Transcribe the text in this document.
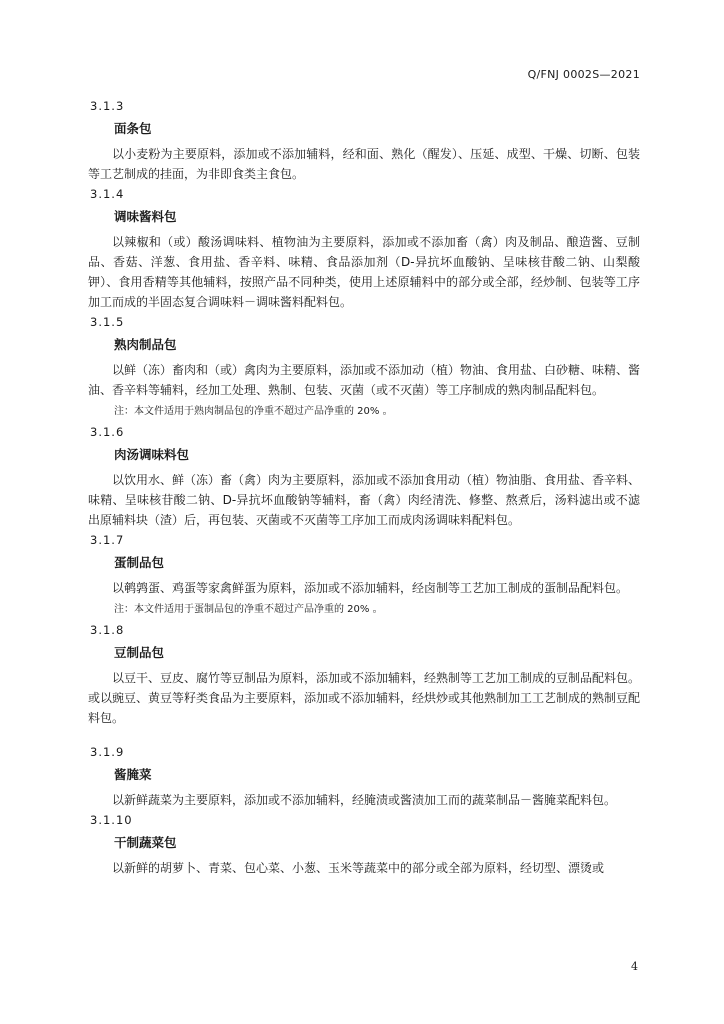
Q/FNJ 0002S—2021
3.1.3
面条包

以小麦粉为主要原料，添加或不添加辅料，经和面、熟化（醒发）、压延、成型、干燥、切断、包装等工艺制成的挂面，为非即食类主食包。

3.1.4
调味酱料包

以辣椒和（或）酸汤调味料、植物油为主要原料，添加或不添加畜（禽）肉及制品、酿造酱、豆制品、香菇、洋葱、食用盐、香辛料、味精、食品添加剂（D-异抗坏血酸钠、呈味核苷酸二钠、山梨酸钾）、食用香精等其他辅料，按照产品不同种类，使用上述原辅料中的部分或全部，经炒制、包装等工序加工而成的半固态复合调味料－调味酱料配料包。

3.1.5
熟肉制品包

以鲜（冻）畜肉和（或）禽肉为主要原料，添加或不添加动（植）物油、食用盐、白砂糖、味精、酱油、香辛料等辅料，经加工处理、熟制、包装、灭菌（或不灭菌）等工序制成的熟肉制品配料包。

注：本文件适用于熟肉制品包的净重不超过产品净重的 20% 。
3.1.6
肉汤调味料包

以饮用水、鲜（冻）畜（禽）肉为主要原料，添加或不添加食用动（植）物油脂、食用盐、香辛料、味精、呈味核苷酸二钠、D-异抗坏血酸钠等辅料，畜（禽）肉经清洗、修整、熬煮后，汤料滤出或不滤出原辅料块（渣）后，再包装、灭菌或不灭菌等工序加工而成肉汤调味料配料包。

3.1.7
蛋制品包

以鹌鹑蛋、鸡蛋等家禽鲜蛋为原料，添加或不添加辅料，经卤制等工艺加工制成的蛋制品配料包。

注：本文件适用于蛋制品包的净重不超过产品净重的 20% 。
3.1.8
豆制品包

以豆干、豆皮、腐竹等豆制品为原料，添加或不添加辅料，经熟制等工艺加工制成的豆制品配料包。或以豌豆、黄豆等籽类食品为主要原料，添加或不添加辅料，经烘炒或其他熟制加工工艺制成的熟制豆配料包。

3.1.9
酱腌菜

以新鲜蔬菜为主要原料，添加或不添加辅料，经腌渍或酱渍加工而的蔬菜制品－酱腌菜配料包。

3.1.10
干制蔬菜包

以新鲜的胡萝卜、青菜、包心菜、小葱、玉米等蔬菜中的部分或全部为原料，经切型、漂烫或

4
